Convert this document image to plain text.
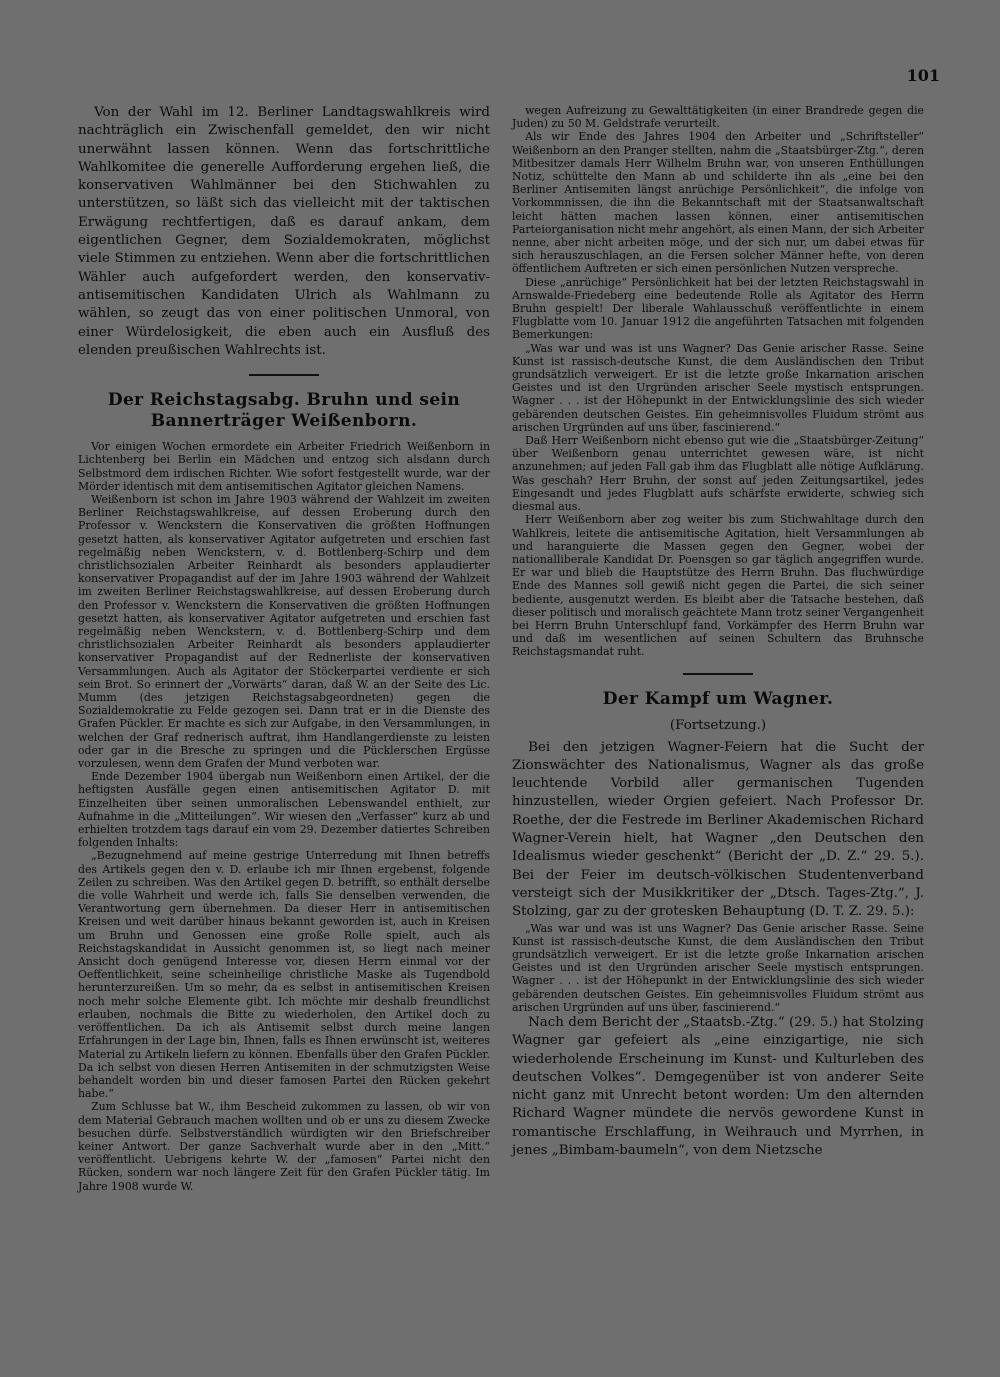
101

Von der Wahl im 12. Berliner Landtagswahlkreis wird nachträglich ein Zwischenfall gemeldet, den wir nicht unerwähnt lassen können. Wenn das fortschrittliche Wahlkomitee die generelle Aufforderung ergehen ließ, die konservativen Wahlmänner bei den Stichwahlen zu unterstützen, so läßt sich das vielleicht mit der taktischen Erwägung rechtfertigen, daß es darauf ankam, dem eigentlichen Gegner, dem Sozialdemokraten, möglichst viele Stimmen zu entziehen. Wenn aber die fortschrittlichen Wähler auch aufgefordert werden, den konservativ-antisemitischen Kandidaten Ulrich als Wahlmann zu wählen, so zeugt das von einer politischen Unmoral, von einer Würdelosigkeit, die eben auch ein Ausfluß des elenden preußischen Wahlrechts ist.

Der Reichstagsabg. Bruhn und sein Bannerträger Weißenborn.

Vor einigen Wochen ermordete ein Arbeiter Friedrich Weißenborn in Lichtenberg bei Berlin ein Mädchen und entzog sich alsdann durch Selbstmord dem irdischen Richter. Wie sofort festgestellt wurde, war der Mörder identisch mit dem antisemitischen Agitator gleichen Namens.

Weißenborn ist schon im Jahre 1903 während der Wahlzeit im zweiten Berliner Reichstagswahlkreise, auf dessen Eroberung durch den Professor v. Wenckstern die Konservativen die größten Hoffnungen gesetzt hatten, als konservativer Agitator aufgetreten und erschien fast regelmäßig neben Wenckstern, v. d. Bottlenberg-Schirp und dem christlichsozialen Arbeiter Reinhardt als besonders applaudierter konservativer Propagandist auf der im Jahre 1903 während der Wahlzeit im zweiten Berliner Reichstagswahlkreise, auf dessen Eroberung durch den Professor v. Wenckstern die Konservativen die größten Hoffnungen gesetzt hatten, als konservativer Agitator aufgetreten und erschien fast regelmäßig neben Wenckstern, v. d. Bottlenberg-Schirp und dem christlichsozialen Arbeiter Reinhardt als besonders applaudierter konservativer Propagandist auf der Rednerliste der konservativen Versammlungen. Auch als Agitator der Stöckerpartei verdiente er sich sein Brot. So erinnert der „Vorwärts“ daran, daß W. an der Seite des Lic. Mumm (des jetzigen Reichstagsabgeordneten) gegen die Sozialdemokratie zu Felde gezogen sei. Dann trat er in die Dienste des Grafen Pückler. Er machte es sich zur Aufgabe, in den Versammlungen, in welchen der Graf rednerisch auftrat, ihm Handlangerdienste zu leisten oder gar in die Bresche zu springen und die Pücklerschen Ergüsse vorzulesen, wenn dem Grafen der Mund verboten war.

Ende Dezember 1904 übergab nun Weißenborn einen Artikel, der die heftigsten Ausfälle gegen einen antisemitischen Agitator D. mit Einzelheiten über seinen unmoralischen Lebenswandel enthielt, zur Aufnahme in die „Mitteilungen“. Wir wiesen den „Verfasser“ kurz ab und erhielten trotzdem tags darauf ein vom 29. Dezember datiertes Schreiben folgenden Inhalts:

„Bezugnehmend auf meine gestrige Unterredung mit Ihnen betreffs des Artikels gegen den v. D. erlaube ich mir Ihnen ergebenst, folgende Zeilen zu schreiben. Was den Artikel gegen D. betrifft, so enthält derselbe die volle Wahrheit und werde ich, falls Sie denselben verwenden, die Verantwortung gern übernehmen. Da dieser Herr in antisemitischen Kreisen und weit darüber hinaus bekannt geworden ist, auch in Kreisen um Bruhn und Genossen eine große Rolle spielt, auch als Reichstagskandidat in Aussicht genommen ist, so liegt nach meiner Ansicht doch genügend Interesse vor, diesen Herrn einmal vor der Oeffentlichkeit, seine scheinheilige christliche Maske als Tugendbold herunterzureißen. Um so mehr, da es selbst in antisemitischen Kreisen noch mehr solche Elemente gibt. Ich möchte mir deshalb freundlichst erlauben, nochmals die Bitte zu wiederholen, den Artikel doch zu veröffentlichen. Da ich als Antisemit selbst durch meine langen Erfahrungen in der Lage bin, Ihnen, falls es Ihnen erwünscht ist, weiteres Material zu Artikeln liefern zu können. Ebenfalls über den Grafen Pückler. Da ich selbst von diesen Herren Antisemiten in der schmutzigsten Weise behandelt worden bin und dieser famosen Partei den Rücken gekehrt habe.“

Zum Schlusse bat W., ihm Bescheid zukommen zu lassen, ob wir von dem Material Gebrauch machen wollten und ob er uns zu diesem Zwecke besuchen dürfe. Selbstverständlich würdigten wir den Briefschreiber keiner Antwort. Der ganze Sachverhalt wurde aber in den „Mitt.“ veröffentlicht. Uebrigens kehrte W. der „famosen“ Partei nicht den Rücken, sondern war noch längere Zeit für den Grafen Pückler tätig. Im Jahre 1908 wurde W.

wegen Aufreizung zu Gewalttätigkeiten (in einer Brandrede gegen die Juden) zu 50 M. Geldstrafe verurteilt.

Als wir Ende des Jahres 1904 den Arbeiter und „Schriftsteller“ Weißenborn an den Pranger stellten, nahm die „Staatsbürger-Ztg.“, deren Mitbesitzer damals Herr Wilhelm Bruhn war, von unseren Enthüllungen Notiz, schüttelte den Mann ab und schilderte ihn als „eine bei den Berliner Antisemiten längst anrüchige Persönlichkeit“, die infolge von Vorkommnissen, die ihn die Bekanntschaft mit der Staatsanwaltschaft leicht hätten machen lassen können, einer antisemitischen Parteiorganisation nicht mehr angehört, als einen Mann, der sich Arbeiter nenne, aber nicht arbeiten möge, und der sich nur, um dabei etwas für sich herauszuschlagen, an die Fersen solcher Männer hefte, von deren öffentlichem Auftreten er sich einen persönlichen Nutzen verspreche.

Diese „anrüchige“ Persönlichkeit hat bei der letzten Reichstagswahl in Arnswalde-Friedeberg eine bedeutende Rolle als Agitator des Herrn Bruhn gespielt! Der liberale Wahlausschuß veröffentlichte in einem Flugblatte vom 10. Januar 1912 die angeführten Tatsachen mit folgenden Bemerkungen:

„Was war und was ist uns Wagner? Das Genie arischer Rasse. Seine Kunst ist rassisch-deutsche Kunst, die dem Ausländischen den Tribut grundsätzlich verweigert. Er ist die letzte große Inkarnation arischen Geistes und ist den Urgründen arischer Seele mystisch entsprungen. Wagner . . . ist der Höhepunkt in der Entwicklungslinie des sich wieder gebärenden deutschen Geistes. Ein geheimnisvolles Fluidum strömt aus arischen Urgründen auf uns über, fascinierend.“

Daß Herr Weißenborn nicht ebenso gut wie die „Staatsbürger-Zeitung“ über Weißenborn genau unterrichtet gewesen wäre, ist nicht anzunehmen; auf jeden Fall gab ihm das Flugblatt alle nötige Aufklärung. Was geschah? Herr Bruhn, der sonst auf jeden Zeitungsartikel, jedes Eingesandt und jedes Flugblatt aufs schärfste erwiderte, schwieg sich diesmal aus.

Herr Weißenborn aber zog weiter bis zum Stichwahltage durch den Wahlkreis, leitete die antisemitische Agitation, hielt Versammlungen ab und haranguierte die Massen gegen den Gegner, wobei der nationalliberale Kandidat Dr. Poensgen so gar täglich angegriffen wurde. Er war und blieb die Hauptstütze des Herrn Bruhn. Das fluchwürdige Ende des Mannes soll gewiß nicht gegen die Partei, die sich seiner bediente, ausgenutzt werden. Es bleibt aber die Tatsache bestehen, daß dieser politisch und moralisch geächtete Mann trotz seiner Vergangenheit bei Herrn Bruhn Unterschlupf fand, Vorkämpfer des Herrn Bruhn war und daß im wesentlichen auf seinen Schultern das Bruhnsche Reichstagsmandat ruht.

Der Kampf um Wagner.
(Fortsetzung.)

Bei den jetzigen Wagner-Feiern hat die Sucht der Zionswächter des Nationalismus, Wagner als das große leuchtende Vorbild aller germanischen Tugenden hinzustellen, wieder Orgien gefeiert. Nach Professor Dr. Roethe, der die Festrede im Berliner Akademischen Richard Wagner-Verein hielt, hat Wagner „den Deutschen den Idealismus wieder geschenkt“ (Bericht der „D. Z.“ 29. 5.). Bei der Feier im deutsch-völkischen Studentenverband versteigt sich der Musikkritiker der „Dtsch. Tages-Ztg.“, J. Stolzing, gar zu der grotesken Behauptung (D. T. Z. 29. 5.):

„Was war und was ist uns Wagner? Das Genie arischer Rasse. Seine Kunst ist rassisch-deutsche Kunst, die dem Ausländischen den Tribut grundsätzlich verweigert. Er ist die letzte große Inkarnation arischen Geistes und ist den Urgründen arischer Seele mystisch entsprungen. Wagner . . . ist der Höhepunkt in der Entwicklungslinie des sich wieder gebärenden deutschen Geistes. Ein geheimnisvolles Fluidum strömt aus arischen Urgründen auf uns über, fascinierend.“

Nach dem Bericht der „Staatsb.-Ztg.“ (29. 5.) hat Stolzing Wagner gar gefeiert als „eine einzigartige, nie sich wiederholende Erscheinung im Kunst- und Kulturleben des deutschen Volkes“. Demgegenüber ist von anderer Seite nicht ganz mit Unrecht betont worden: Um den alternden Richard Wagner mündete die nervös gewordene Kunst in romantische Erschlaffung, in Weihrauch und Myrrhen, in jenes „Bimbam-baumeln“, von dem Nietzsche
